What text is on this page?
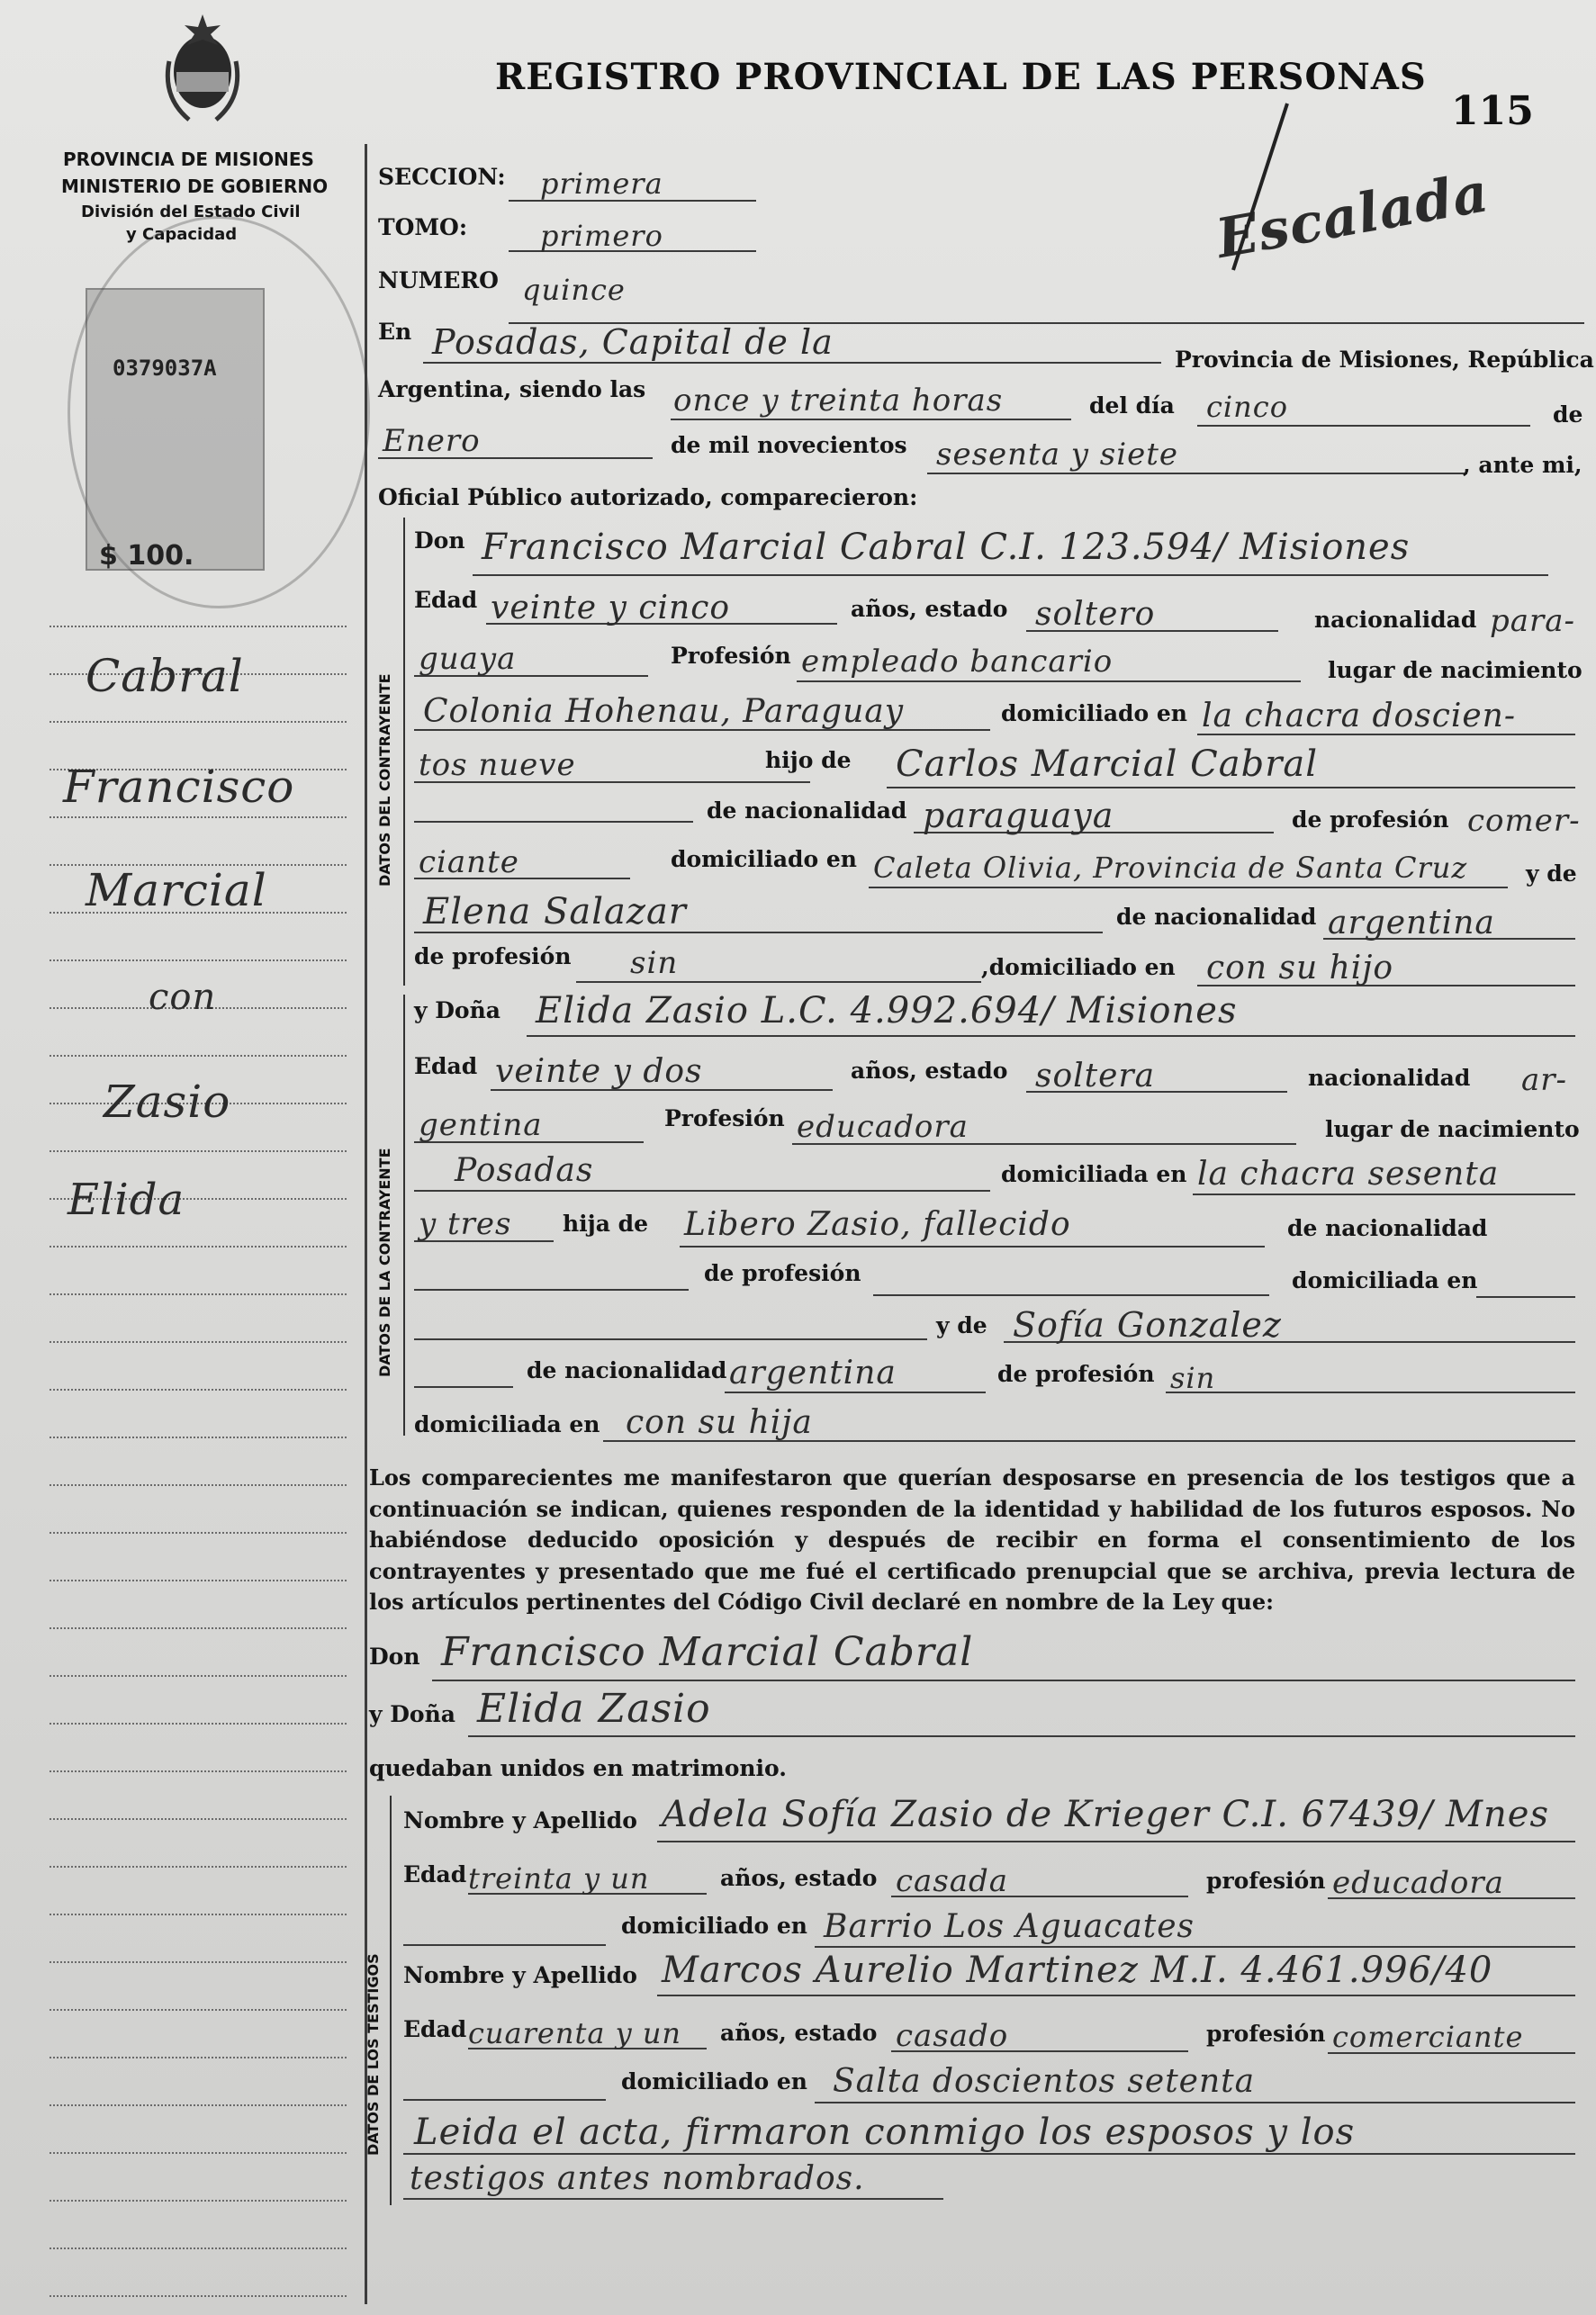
PROVINCIA DE MISIONES
MINISTERIO DE GOBIERNO
División del Estado Civil
y Capacidad
0379037A
$ 100.
Cabral
Francisco
Marcial
con
Zasio
Elida
REGISTRO PROVINCIAL DE LAS PERSONAS
115
Escalada
SECCION: primera
TOMO:	primero
NUMERO quince
En Posadas, Capital de la	Provincia de Misiones, República
Argentina, siendo las once y treinta horas	del día cinco	de
Enero	de mil novecientos sesenta y siete	, ante mi,
Oficial Público autorizado, comparecieron:
DATOS DEL CONTRAYENTE
Don Francisco Marcial Cabral C.I. 123.594/ Misiones
Edad veinte y cinco	años, estado soltero	nacionalidad para-
guaya	Profesión empleado bancario	lugar de nacimiento
Colonia Hohenau, Paraguay	domiciliado en la chacra doscien-
tos nueve	hijo de Carlos Marcial Cabral
de nacionalidad paraguaya	de profesión comer-
ciante	domiciliado en Caleta Olivia, Provincia de Santa Cruz	y de
Elena Salazar	de nacionalidad argentina
de profesión sin	,domiciliado en con su hijo
DATOS DE LA CONTRAYENTE
y Doña Elida Zasio L.C. 4.992.694/ Misiones
Edad veinte y dos	años, estado soltera	nacionalidad ar-
gentina	Profesión educadora	lugar de nacimiento
Posadas	domiciliada en la chacra sesenta
y tres hija de Libero Zasio, fallecido	de nacionalidad
de profesión	domiciliada en
y de Sofía Gonzalez
de nacionalidad argentina	de profesión sin
domiciliada en con su hija
Los comparecientes me manifestaron que querían desposarse en presencia de los testigos que a continuación se indican, quienes responden de la identidad y habilidad de los futuros esposos. No habiéndose deducido oposición y después de recibir en forma el consentimiento de los contrayentes y presentado que me fué el certificado prenupcial que se archiva, previa lectura de los artículos pertinentes del Código Civil declaré en nombre de la Ley que:
Don Francisco Marcial Cabral
y Doña Elida Zasio
quedaban unidos en matrimonio.
DATOS DE LOS TESTIGOS
Nombre y Apellido Adela Sofía Zasio de Krieger C.I. 67439/ Mnes
Edad treinta y un	años, estado casada	profesión educadora
domiciliado en Barrio Los Aguacates
Nombre y Apellido Marcos Aurelio Martinez M.I. 4.461.996/40
Edad cuarenta y un años, estado casado	profesión comerciante
domiciliado en Salta doscientos setenta
Leida el acta, firmaron conmigo los esposos y los
testigos antes nombrados.
